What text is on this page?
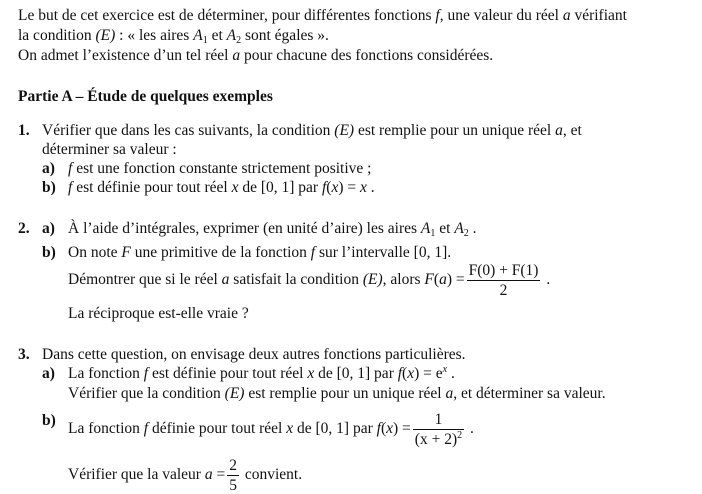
Le but de cet exercice est de déterminer, pour différentes fonctions f, une valeur du réel a vérifiant
la condition (E) : « les aires $A_1$ et $A_2$ sont égales ».
On admet l’existence d’un tel réel a pour chacune des fonctions considérées.
Partie A – Étude de quelques exemples
1. Vérifier que dans les cas suivants, la condition (E) est remplie pour un unique réel a, et
déterminer sa valeur :
a) f est une fonction constante strictement positive ;
b) f est définie pour tout réel x de [0, 1] par f(x) = x .
2. a) À l’aide d’intégrales, exprimer (en unité d’aire) les aires $A_1$ et $A_2$ .
b) On note F une primitive de la fonction f sur l’intervalle [0, 1].
Démontrer que si le réel a satisfait la condition (E), alors $F(a) = \frac{F(0) + F(1)}{2}$ .
La réciproque est-elle vraie ?
3. Dans cette question, on envisage deux autres fonctions particulières.
a) La fonction f est définie pour tout réel x de [0, 1] par $f(x) = e^x$ .
Vérifier que la condition (E) est remplie pour un unique réel a, et déterminer sa valeur.
b) La fonction f définie pour tout réel x de [0, 1] par $f(x) = \frac{1}{(x + 2)^2}$ .
Vérifier que la valeur $a = \frac{2}{5}$ convient.
